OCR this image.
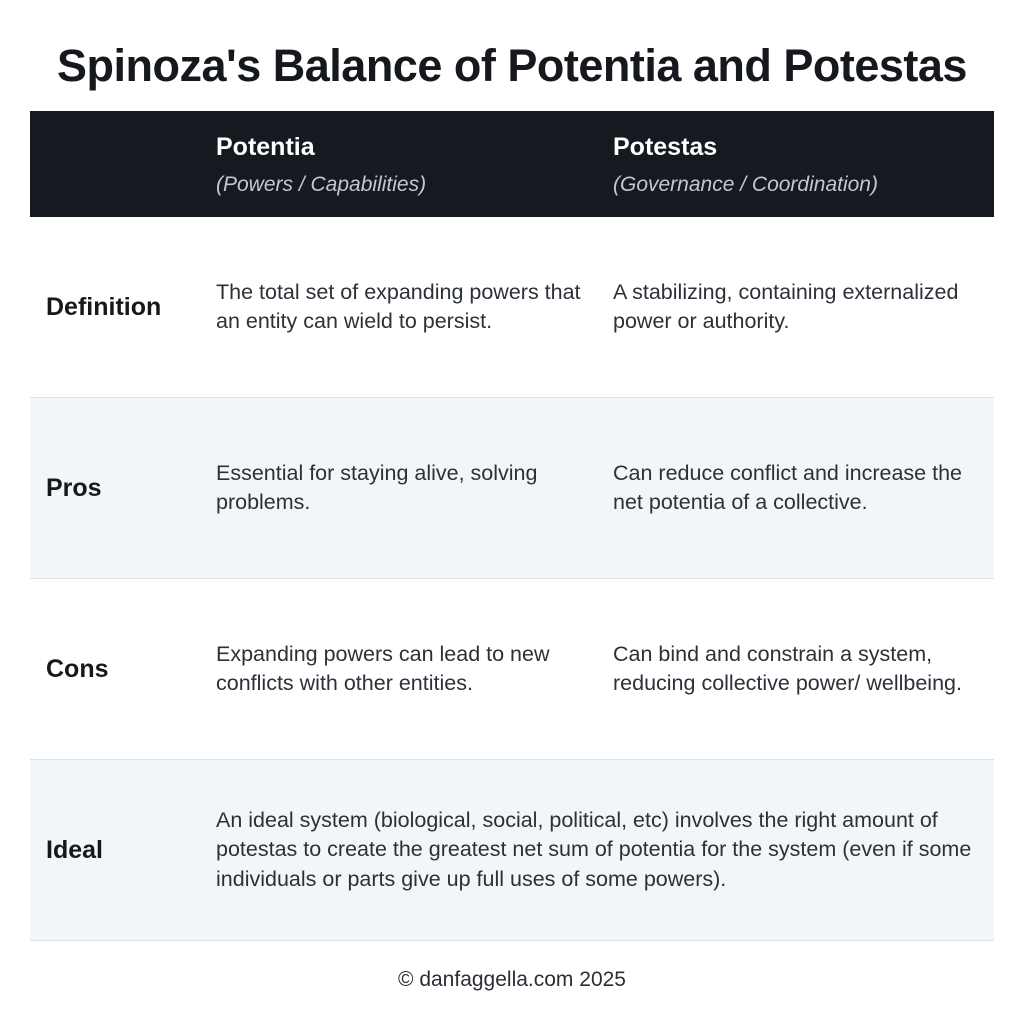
Spinoza's Balance of Potentia and Potestas
Potentia
(Powers / Capabilities)
Potestas
(Governance / Coordination)
Definition
The total set of expanding powers that an entity can wield to persist.
A stabilizing, containing externalized power or authority.
Pros
Essential for staying alive, solving problems.
Can reduce conflict and increase the net potentia of a collective.
Cons
Expanding powers can lead to new conflicts with other entities.
Can bind and constrain a system, reducing collective power/ wellbeing.
Ideal
An ideal system (biological, social, political, etc) involves the right amount of potestas to create the greatest net sum of potentia for the system (even if some individuals or parts give up full uses of some powers).
© danfaggella.com 2025
